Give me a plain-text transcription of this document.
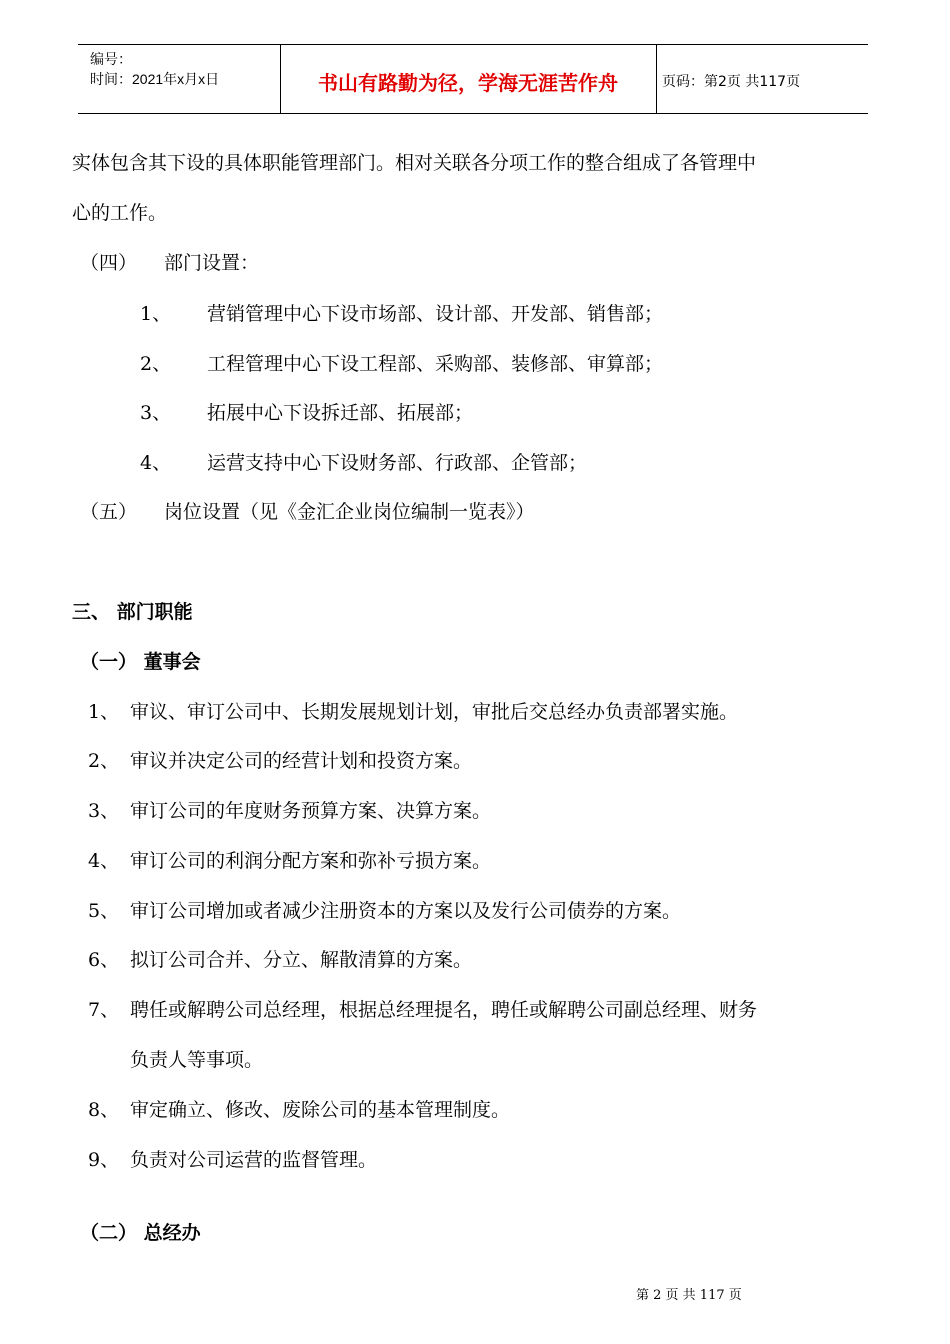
编号：
时间：2021年x月x日	书山有路勤为径，学海无涯苦作舟	页码：第2页 共117页
实体包含其下设的具体职能管理部门。相对关联各分项工作的整合组成了各管理中
心的工作。
（四） 部门设置：
1、 营销管理中心下设市场部、设计部、开发部、销售部；
2、 工程管理中心下设工程部、采购部、装修部、审算部；
3、 拓展中心下设拆迁部、拓展部；
4、 运营支持中心下设财务部、行政部、企管部；
（五） 岗位设置（见《金汇企业岗位编制一览表》）
三、 部门职能
（一） 董事会
1、 审议、审订公司中、长期发展规划计划，审批后交总经办负责部署实施。
2、 审议并决定公司的经营计划和投资方案。
3、 审订公司的年度财务预算方案、决算方案。
4、 审订公司的利润分配方案和弥补亏损方案。
5、 审订公司增加或者减少注册资本的方案以及发行公司债券的方案。
6、 拟订公司合并、分立、解散清算的方案。
7、 聘任或解聘公司总经理，根据总经理提名，聘任或解聘公司副总经理、财务
负责人等事项。
8、 审定确立、修改、废除公司的基本管理制度。
9、 负责对公司运营的监督管理。
（二） 总经办
第 2 页 共 117 页
